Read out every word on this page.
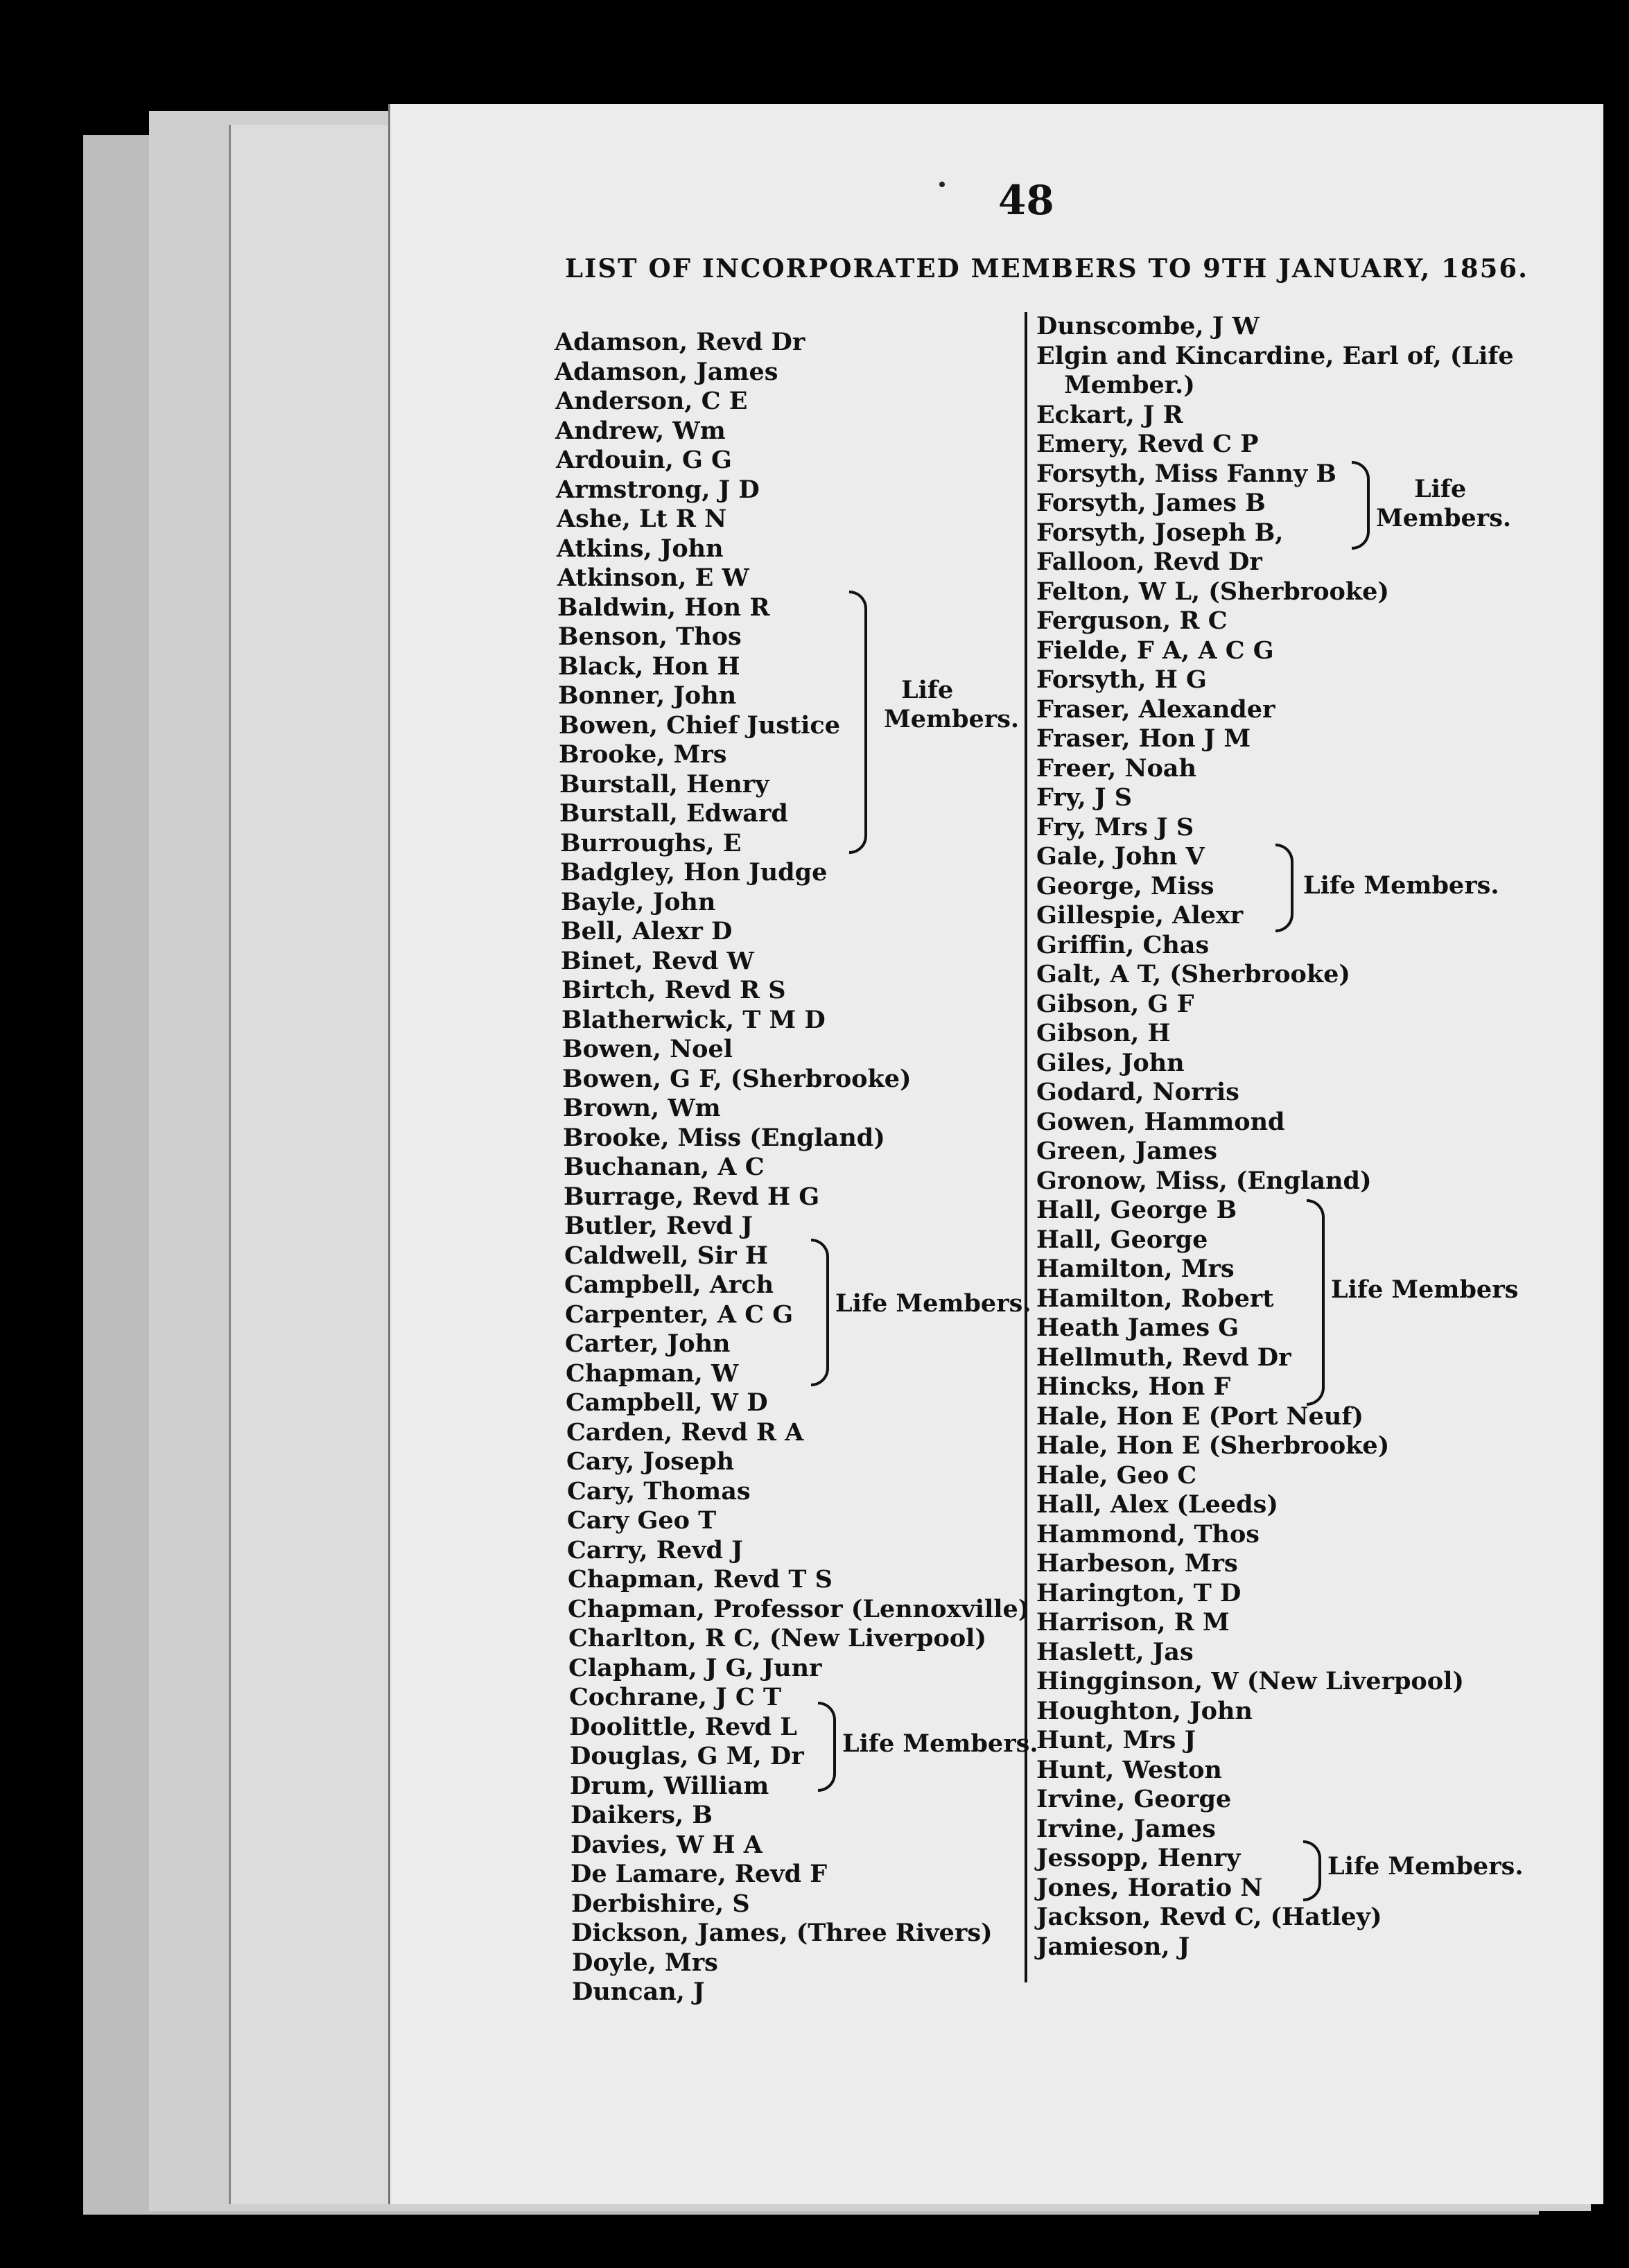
48
LIST OF INCORPORATED MEMBERS TO 9TH JANUARY, 1856.
Adamson, Revd Dr
Adamson, James
Anderson, C E
Andrew, Wm
Ardouin, G G
Armstrong, J D
Ashe, Lt R N
Atkins, John
Atkinson, E W
Baldwin, Hon R
Benson, Thos
Black, Hon H
Bonner, John
Bowen, Chief Justice
Brooke, Mrs
Burstall, Henry
Burstall, Edward
Burroughs, E
Badgley, Hon Judge
Bayle, John
Bell, Alexr D
Binet, Revd W
Birtch, Revd R S
Blatherwick, T M D
Bowen, Noel
Bowen, G F, (Sherbrooke)
Brown, Wm
Brooke, Miss (England)
Buchanan, A C
Burrage, Revd H G
Butler, Revd J
Caldwell, Sir H
Campbell, Arch
Carpenter, A C G
Carter, John
Chapman, W
Campbell, W D
Carden, Revd R A
Cary, Joseph
Cary, Thomas
Cary Geo T
Carry, Revd J
Chapman, Revd T S
Chapman, Professor (Lennoxville)
Charlton, R C, (New Liverpool)
Clapham, J G, Junr
Cochrane, J C T
Doolittle, Revd L
Douglas, G M, Dr
Drum, William
Daikers, B
Davies, W H A
De Lamare, Revd F
Derbishire, S
Dickson, James, (Three Rivers)
Doyle, Mrs
Duncan, J
Dunscombe, J W
Elgin and Kincardine, Earl of, (Life
Member.)
Eckart, J R
Emery, Revd C P
Forsyth, Miss Fanny B
Forsyth, James B
Forsyth, Joseph B,
Falloon, Revd Dr
Felton, W L, (Sherbrooke)
Ferguson, R C
Fielde, F A, A C G
Forsyth, H G
Fraser, Alexander
Fraser, Hon J M
Freer, Noah
Fry, J S
Fry, Mrs J S
Gale, John V
George, Miss
Gillespie, Alexr
Griffin, Chas
Galt, A T, (Sherbrooke)
Gibson, G F
Gibson, H
Giles, John
Godard, Norris
Gowen, Hammond
Green, James
Gronow, Miss, (England)
Hall, George B
Hall, George
Hamilton, Mrs
Hamilton, Robert
Heath James G
Hellmuth, Revd Dr
Hincks, Hon F
Hale, Hon E (Port Neuf)
Hale, Hon E (Sherbrooke)
Hale, Geo C
Hall, Alex (Leeds)
Hammond, Thos
Harbeson, Mrs
Harington, T D
Harrison, R M
Haslett, Jas
Hingginson, W (New Liverpool)
Houghton, John
Hunt, Mrs J
Hunt, Weston
Irvine, George
Irvine, James
Jessopp, Henry
Jones, Horatio N
Jackson, Revd C, (Hatley)
Jamieson, J
Life
Members.
Life Members.
Life Members.
Life
Members.
Life Members.
Life Members
Life Members.
